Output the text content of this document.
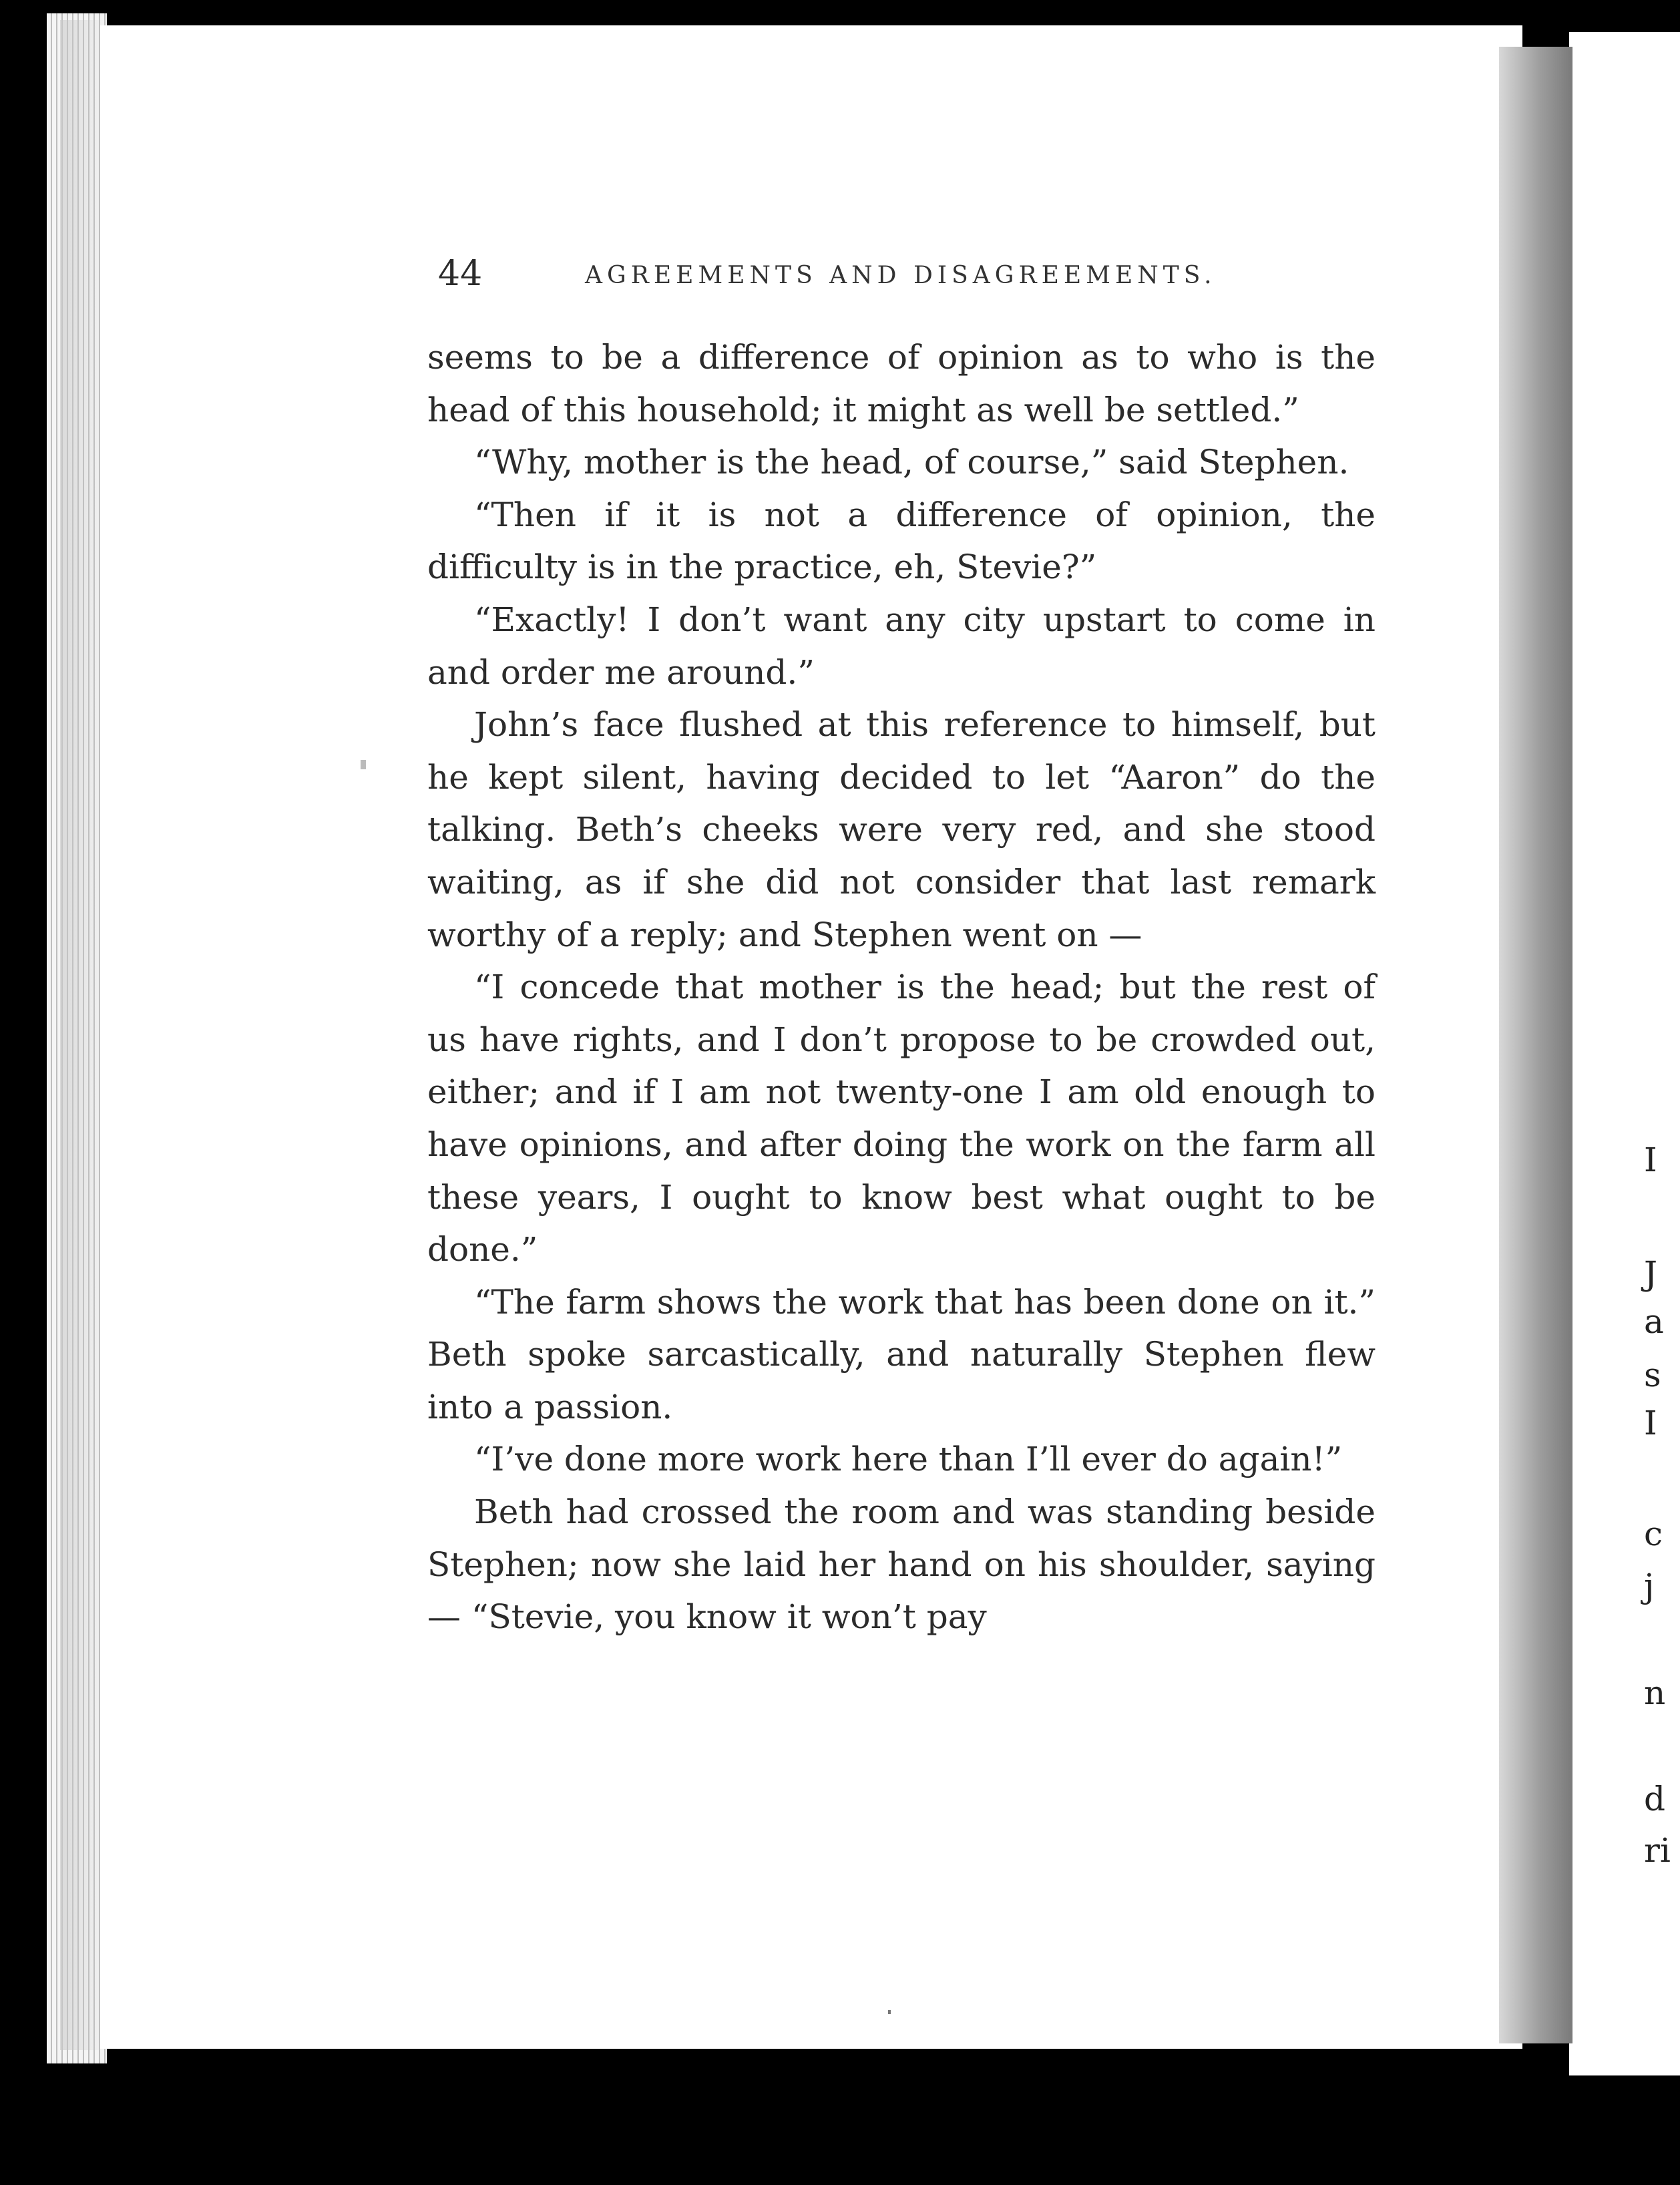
I
J
a
s
I
c
j
n
d
ri
44	AGREEMENTS AND DISAGREEMENTS.

seems to be a difference of opinion as to who is the head of this household; it might as well be settled.”

“Why, mother is the head, of course,” said Stephen.

“Then if it is not a difference of opinion, the difficulty is in the practice, eh, Stevie?”

“Exactly! I don’t want any city upstart to come in and order me around.”

John’s face flushed at this reference to himself, but he kept silent, having decided to let “Aaron” do the talking. Beth’s cheeks were very red, and she stood waiting, as if she did not consider that last remark worthy of a reply; and Stephen went on —

“I concede that mother is the head; but the rest of us have rights, and I don’t propose to be crowded out, either; and if I am not twenty-one I am old enough to have opinions, and after doing the work on the farm all these years, I ought to know best what ought to be done.”

“The farm shows the work that has been done on it.” Beth spoke sarcastically, and naturally Stephen flew into a passion.

“I’ve done more work here than I’ll ever do again!”

Beth had crossed the room and was standing beside Stephen; now she laid her hand on his shoulder, saying — “Stevie, you know it won’t pay
